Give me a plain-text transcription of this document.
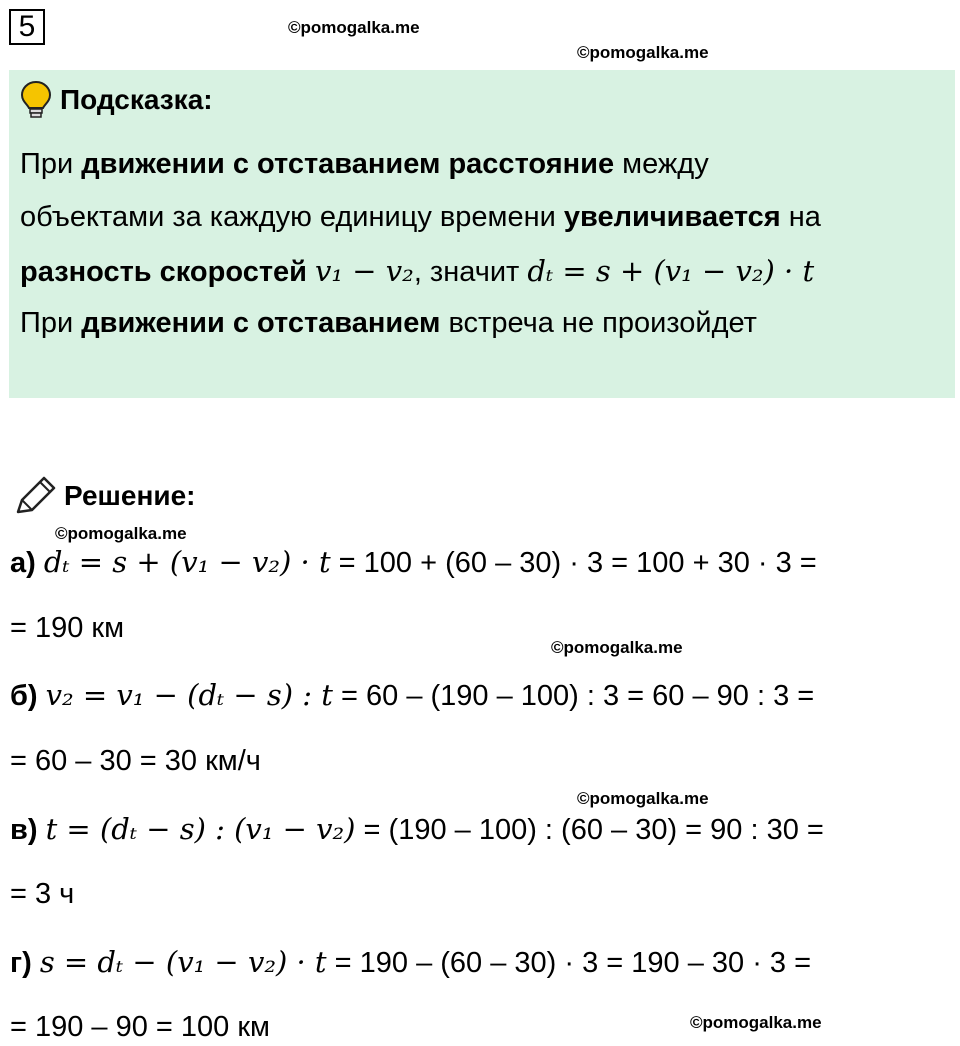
5	©pomogalka.me
©pomogalka.me
Подсказка:
При движении с отставанием расстояние между
объектами за каждую единицу времени увеличивается на
разность скоростей v₁ − v₂, значит dₜ = s + (v₁ − v₂) · t
При движении с отставанием встреча не произойдет
Решение:
©pomogalka.me
а) dₜ = s + (v₁ − v₂) · t = 100 + (60 – 30) · 3 = 100 + 30 · 3 =
= 190 км
©pomogalka.me
б) v₂ = v₁ − (dₜ − s) : t = 60 – (190 – 100) : 3 = 60 – 90 : 3 =
= 60 – 30 = 30 км/ч
©pomogalka.me
в) t = (dₜ − s) : (v₁ − v₂) = (190 – 100) : (60 – 30) = 90 : 30 =
= 3 ч
г) s = dₜ − (v₁ − v₂) · t = 190 – (60 – 30) · 3 = 190 – 30 · 3 =
= 190 – 90 = 100 км	©pomogalka.me
